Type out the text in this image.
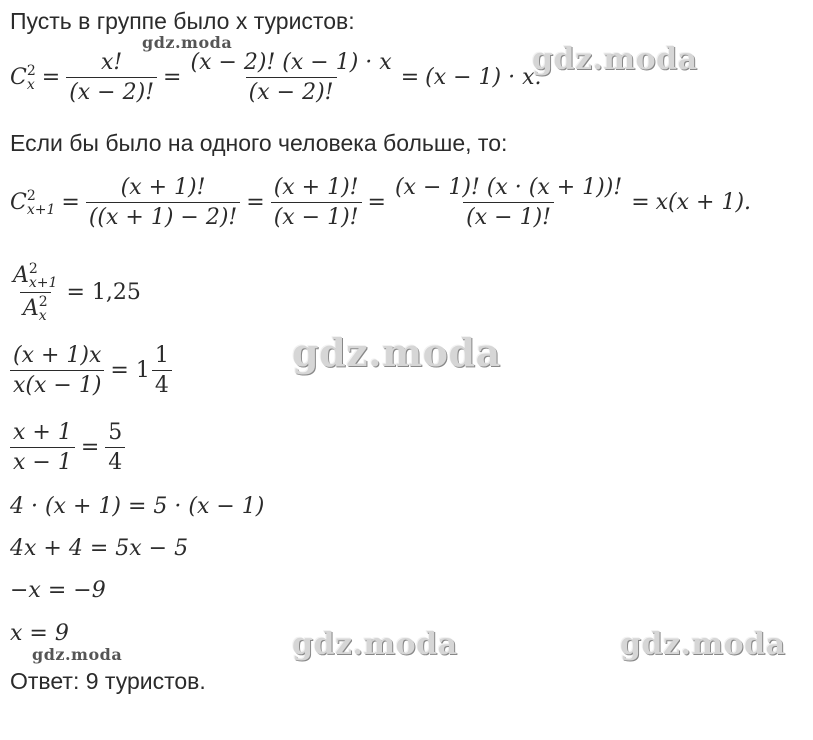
gdz.moda	gdz.moda
gdz.moda
gdz.moda	gdz.moda
gdz.moda
Пусть в группе было x туристов:
C 2
$x = \frac{x!}{(x - 2)!} = \frac{(x - 2)! (x - 1) \cdot x}{(x - 2)!} = (x - 1) \cdot x$.
Если бы было на одного человека больше, то:
C 2
$x+1 = \frac{(x + 1)!}{((x + 1) - 2)!} = \frac{(x + 1)!}{(x - 1)!} = \frac{(x - 1)! (x \cdot (x + 1))!}{(x - 1)!} = x(x + 1)$.
A 2
x+1
A 2
x = 1,25
$\frac{(x + 1)x}{x(x - 1)} = 1 \frac{1}{4}$
$\frac{x + 1}{x - 1} = \frac{5}{4}$
4 · (x + 1) = 5 · (x − 1)
4x + 4 = 5x − 5
−x = −9
x = 9
Ответ: 9 туристов.
